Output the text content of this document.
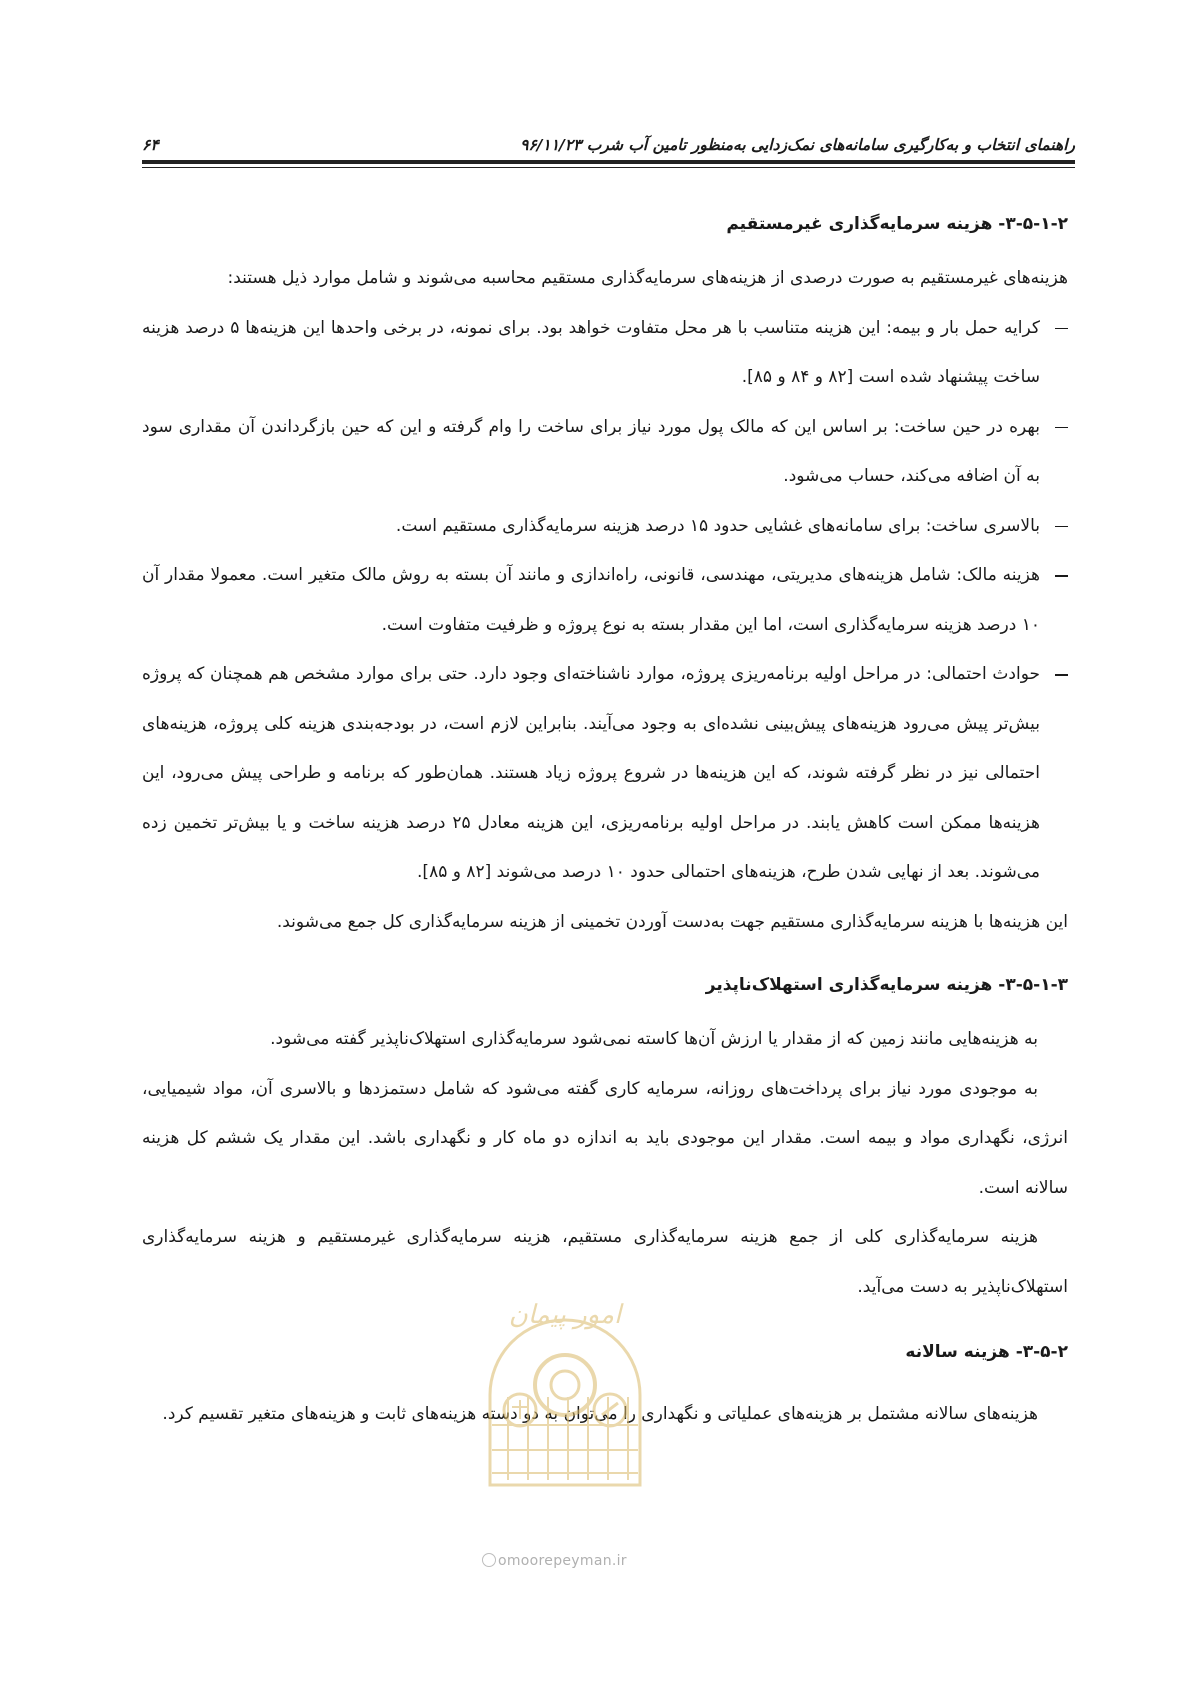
راهنمای انتخاب و به‌کارگیری سامانه‌های نمک‌زدایی به‌منظور تامین آب شرب ۹۶/۱۱/۲۳
۶۴

۳-۵-۱-۲- هزینه سرمایه‌گذاری غیرمستقیم

هزینه‌های غیرمستقیم به صورت درصدی از هزینه‌های سرمایه‌گذاری مستقیم محاسبه می‌شوند و شامل موارد ذیل هستند:

کرایه حمل بار و بیمه: این هزینه متناسب با هر محل متفاوت خواهد بود. برای نمونه، در برخی واحدها این هزینه‌ها ۵ درصد هزینه ساخت پیشنهاد شده است [۸۲ و ۸۴ و ۸۵].
بهره در حین ساخت: بر اساس این که مالک پول مورد نیاز برای ساخت را وام گرفته و این که حین بازگرداندن آن مقداری سود به آن اضافه می‌کند، حساب می‌شود.
بالاسری ساخت: برای سامانه‌های غشایی حدود ۱۵ درصد هزینه سرمایه‌گذاری مستقیم است.
هزینه مالک: شامل هزینه‌های مدیریتی، مهندسی، قانونی، راه‌اندازی و مانند آن بسته به روش مالک متغیر است. معمولا مقدار آن ۱۰ درصد هزینه سرمایه‌گذاری است، اما این مقدار بسته به نوع پروژه و ظرفیت متفاوت است.
حوادث احتمالی: در مراحل اولیه برنامه‌ریزی پروژه، موارد ناشناخته‌ای وجود دارد. حتی برای موارد مشخص هم همچنان که پروژه بیش‌تر پیش می‌رود هزینه‌های پیش‌بینی نشده‌ای به وجود می‌آیند. بنابراین لازم است، در بودجه‌بندی هزینه کلی پروژه، هزینه‌های احتمالی نیز در نظر گرفته شوند، که این هزینه‌ها در شروع پروژه زیاد هستند. همان‌طور که برنامه و طراحی پیش می‌رود، این هزینه‌ها ممکن است کاهش یابند. در مراحل اولیه برنامه‌ریزی، این هزینه معادل ۲۵ درصد هزینه ساخت و یا بیش‌تر تخمین زده می‌شوند. بعد از نهایی شدن طرح، هزینه‌های احتمالی حدود ۱۰ درصد می‌شوند [۸۲ و ۸۵].

این هزینه‌ها با هزینه سرمایه‌گذاری مستقیم جهت به‌دست آوردن تخمینی از هزینه سرمایه‌گذاری کل جمع می‌شوند.

۳-۵-۱-۳- هزینه سرمایه‌گذاری استهلاک‌ناپذیر

به هزینه‌هایی مانند زمین که از مقدار یا ارزش آن‌ها کاسته نمی‌شود سرمایه‌گذاری استهلاک‌ناپذیر گفته می‌شود.

به موجودی مورد نیاز برای پرداخت‌های روزانه، سرمایه کاری گفته می‌شود که شامل دستمزدها و بالاسری آن، مواد شیمیایی، انرژی، نگهداری مواد و بیمه است. مقدار این موجودی باید به اندازه دو ماه کار و نگهداری باشد. این مقدار یک ششم کل هزینه سالانه است.

هزینه سرمایه‌گذاری کلی از جمع هزینه سرمایه‌گذاری مستقیم، هزینه سرمایه‌گذاری غیرمستقیم و هزینه سرمایه‌گذاری استهلاک‌ناپذیر به دست می‌آید.

۳-۵-۲- هزینه سالانه

هزینه‌های سالانه مشتمل بر هزینه‌های عملیاتی و نگهداری را می‌توان به دو دسته هزینه‌های ثابت و هزینه‌های متغیر تقسیم کرد.

امور پیمان
omoorepeyman.ir
